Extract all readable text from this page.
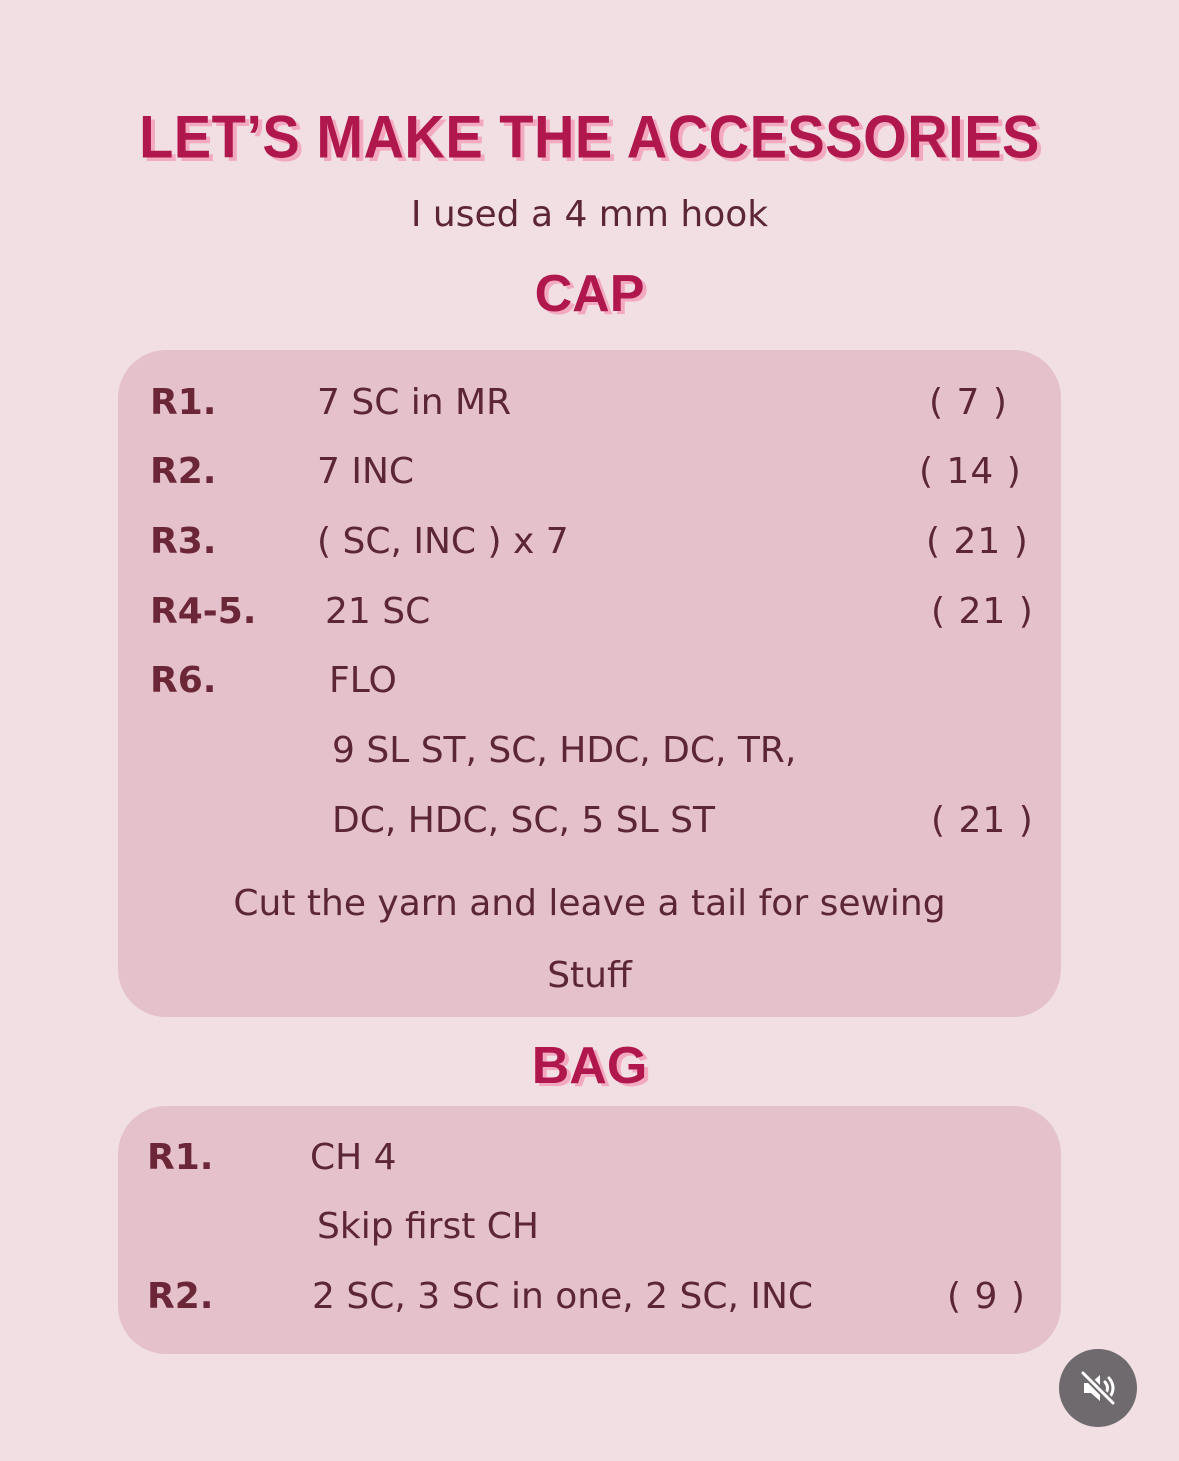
LET’S MAKE THE ACCESSORIES
I used a 4 mm hook
CAP
R1.	7 SC in MR	( 7 )
R2.	7 INC	( 14 )
R3.	( SC, INC ) x 7	( 21 )
R4-5. 21 SC	( 21 )
R6.	FLO
9 SL ST, SC, HDC, DC, TR,
DC, HDC, SC, 5 SL ST	( 21 )
Cut the yarn and leave a tail for sewing
Stuff
BAG
R1.	CH 4
Skip first CH
R2.	2 SC, 3 SC in one, 2 SC, INC	( 9 )
